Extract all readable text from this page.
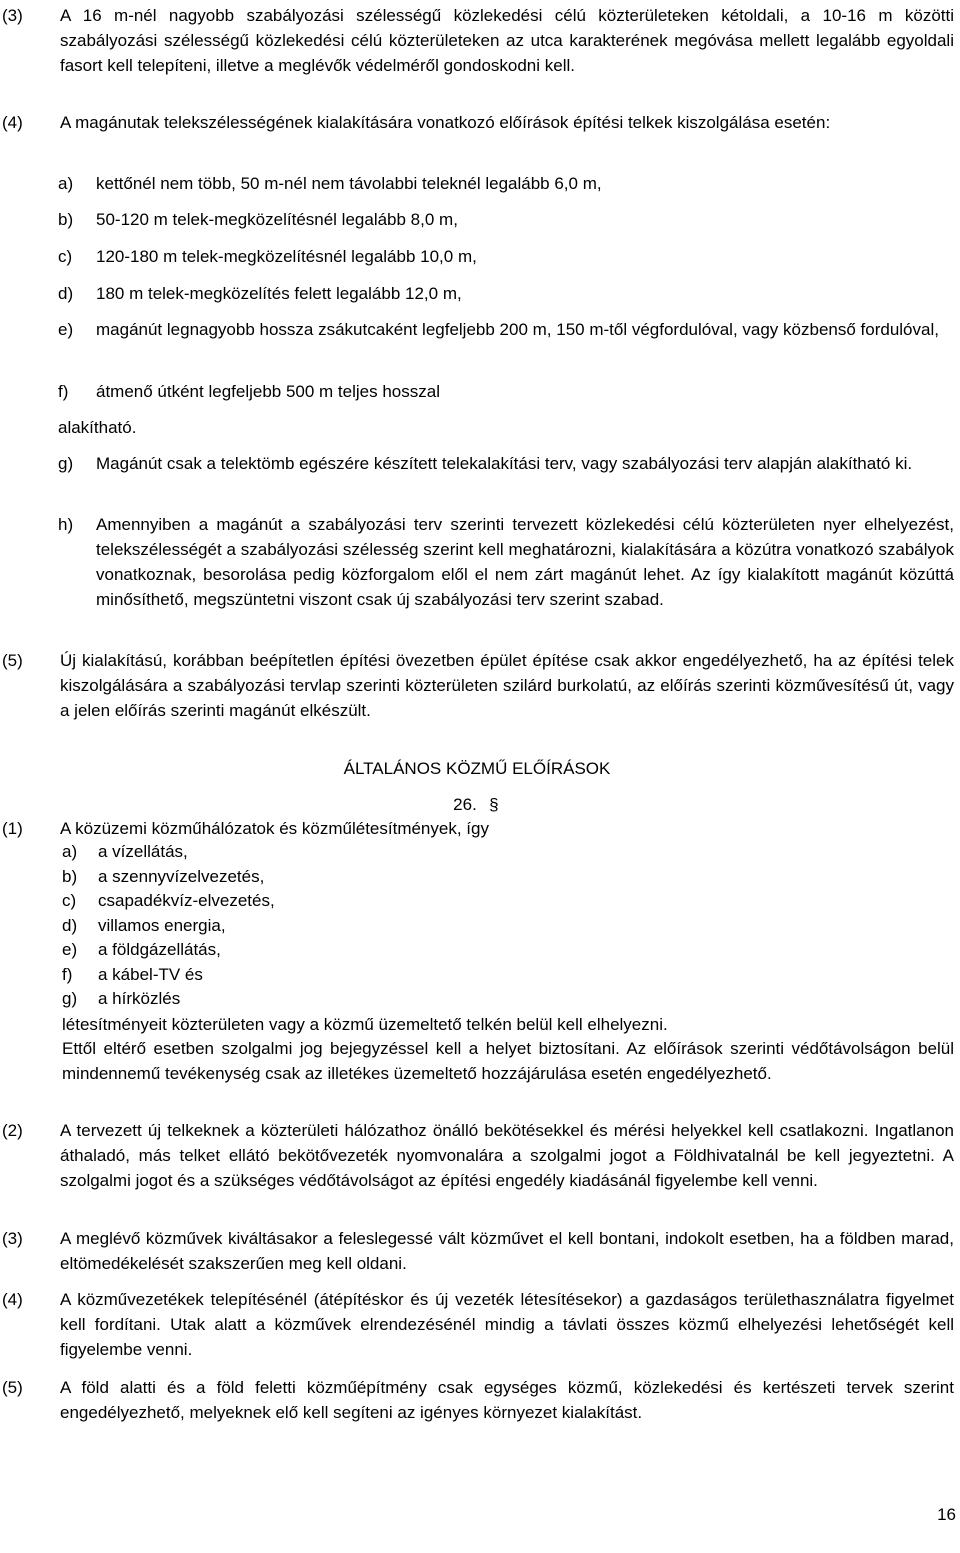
(3)	A 16 m-nél nagyobb szabályozási szélességű közlekedési célú közterületeken kétoldali, a 10-16 m közötti szabályozási szélességű közlekedési célú közterületeken az utca karakterének megóvása mellett legalább egyoldali fasort kell telepíteni, illetve a meglévők védelméről gondoskodni kell.
(4)	A magánutak telekszélességének kialakítására vonatkozó előírások építési telkek kiszolgálása esetén:
a)	kettőnél nem több, 50 m-nél nem távolabbi teleknél legalább 6,0 m,
b)	50-120 m telek-megközelítésnél legalább 8,0 m,
c)	120-180 m telek-megközelítésnél legalább 10,0 m,
d)	180 m telek-megközelítés felett legalább 12,0 m,
e)	magánút legnagyobb hossza zsákutcaként legfeljebb 200 m, 150 m-től végfordulóval, vagy közbenső fordulóval,
f)	átmenő útként legfeljebb 500 m teljes hosszal
alakítható.
g)	Magánút csak a telektömb egészére készített telekalakítási terv, vagy szabályozási terv alapján alakítható ki.
h)	Amennyiben a magánút a szabályozási terv szerinti tervezett közlekedési célú közterületen nyer elhelyezést, telekszélességét a szabályozási szélesség szerint kell meghatározni, kialakítására a közútra vonatkozó szabályok vonatkoznak, besorolása pedig közforgalom elől el nem zárt magánút lehet. Az így kialakított magánút közúttá minősíthető, megszüntetni viszont csak új szabályozási terv szerint szabad.
(5)	Új kialakítású, korábban beépítetlen építési övezetben épület építése csak akkor engedélyezhető, ha az építési telek kiszolgálására a szabályozási tervlap szerinti közterületen szilárd burkolatú, az előírás szerinti közművesítésű út, vagy a jelen előírás szerinti magánút elkészült.
ÁLTALÁNOS KÖZMŰ ELŐÍRÁSOK
26. §
(1)	A közüzemi közműhálózatok és közműlétesítmények, így
a)	a vízellátás,
b)	a szennyvízelvezetés,
c)	csapadékvíz-elvezetés,
d)	villamos energia,
e)	a földgázellátás,
f)	a kábel-TV és
g)	a hírközlés
létesítményeit közterületen vagy a közmű üzemeltető telkén belül kell elhelyezni.
Ettől eltérő esetben szolgalmi jog bejegyzéssel kell a helyet biztosítani. Az előírások szerinti védőtávolságon belül mindennemű tevékenység csak az illetékes üzemeltető hozzájárulása esetén engedélyezhető.
(2)	A tervezett új telkeknek a közterületi hálózathoz önálló bekötésekkel és mérési helyekkel kell csatlakozni. Ingatlanon áthaladó, más telket ellátó bekötővezeték nyomvonalára a szolgalmi jogot a Földhivatalnál be kell jegyeztetni. A szolgalmi jogot és a szükséges védőtávolságot az építési engedély kiadásánál figyelembe kell venni.
(3)	A meglévő közművek kiváltásakor a feleslegessé vált közművet el kell bontani, indokolt esetben, ha a földben marad, eltömedékelését szakszerűen meg kell oldani.
(4)	A közművezetékek telepítésénél (átépítéskor és új vezeték létesítésekor) a gazdaságos területhasználatra figyelmet kell fordítani. Utak alatt a közművek elrendezésénél mindig a távlati összes közmű elhelyezési lehetőségét kell figyelembe venni.
(5)	A föld alatti és a föld feletti közműépítmény csak egységes közmű, közlekedési és kertészeti tervek szerint engedélyezhető, melyeknek elő kell segíteni az igényes környezet kialakítást.
16
